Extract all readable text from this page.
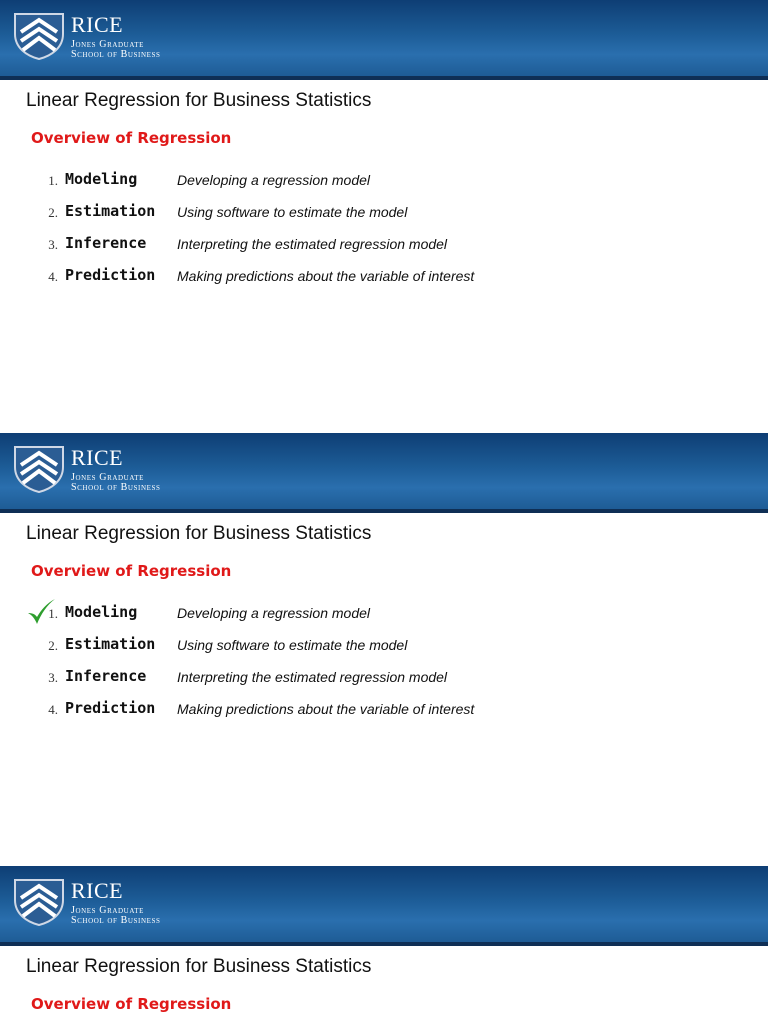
RICE
Jones Graduate
School of Business
Linear Regression for Business Statistics
Overview of Regression
1. Modeling	Developing a regression model
2. Estimation Using software to estimate the model
3. Inference Interpreting the estimated regression model
4. Prediction Making predictions about the variable of interest
RICE
Jones Graduate
School of Business
Linear Regression for Business Statistics
Overview of Regression
1. Modeling	Developing a regression model
2. Estimation Using software to estimate the model
3. Inference Interpreting the estimated regression model
4. Prediction Making predictions about the variable of interest
RICE
Jones Graduate
School of Business
Linear Regression for Business Statistics
Overview of Regression
